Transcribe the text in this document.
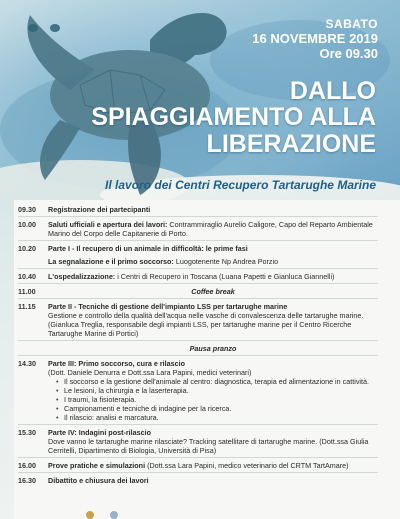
SABATO
16 NOVEMBRE 2019
Ore 09.30
DALLO
SPIAGGIAMENTO ALLA
LIBERAZIONE
Il lavoro dei Centri Recupero Tartarughe Marine
09.30	Registrazione dei partecipanti
10.00	Saluti ufficiali e apertura dei lavori: Contrammiraglio Aurelio Caligore, Capo del Reparto Ambientale Marino del Corpo delle Capitanerie di Porto.
10.20	Parte I - Il recupero di un animale in difficoltà: le prime fasi
La segnalazione e il primo soccorso: Luogotenente Np Andrea Porzio
10.40	L'ospedalizzazione: i Centri di Recupero in Toscana (Luana Papetti e Gianluca Giannelli)
11.00	Coffee break
11.15	Parte II - Tecniche di gestione dell'impianto LSS per tartarughe marine
Gestione e controllo della qualità dell'acqua nelle vasche di convalescenza delle tartarughe marine. (Gianluca Treglia, responsabile degli impianti LSS, per tartarughe marine per il Centro Ricerche Tartarughe Marine di Portici)
Pausa pranzo
14.30	Parte III: Primo soccorso, cura e rilascio
(Dott. Daniele Denurra e Dott.ssa Lara Papini, medici veterinari)
• Il soccorso e la gestione dell'animale al centro: diagnostica, terapia ed alimentazione in cattività.
• Le lesioni, la chirurgia e la laserterapia.
• I traumi, la fisioterapia.
• Campionamenti e tecniche di indagine per la ricerca.
• Il rilascio: analisi e marcatura.
15.30	Parte IV: Indagini post-rilascio
Dove vanno le tartarughe marine rilasciate? Tracking satellitare di tartarughe marine. (Dott.ssa Giulia Cerritelli, Dipartimento di Biologia, Università di Pisa)
16.00	Prove pratiche e simulazioni (Dott.ssa Lara Papini, medico veterinario del CRTM TartAmare)
16.30	Dibattito e chiusura dei lavori
